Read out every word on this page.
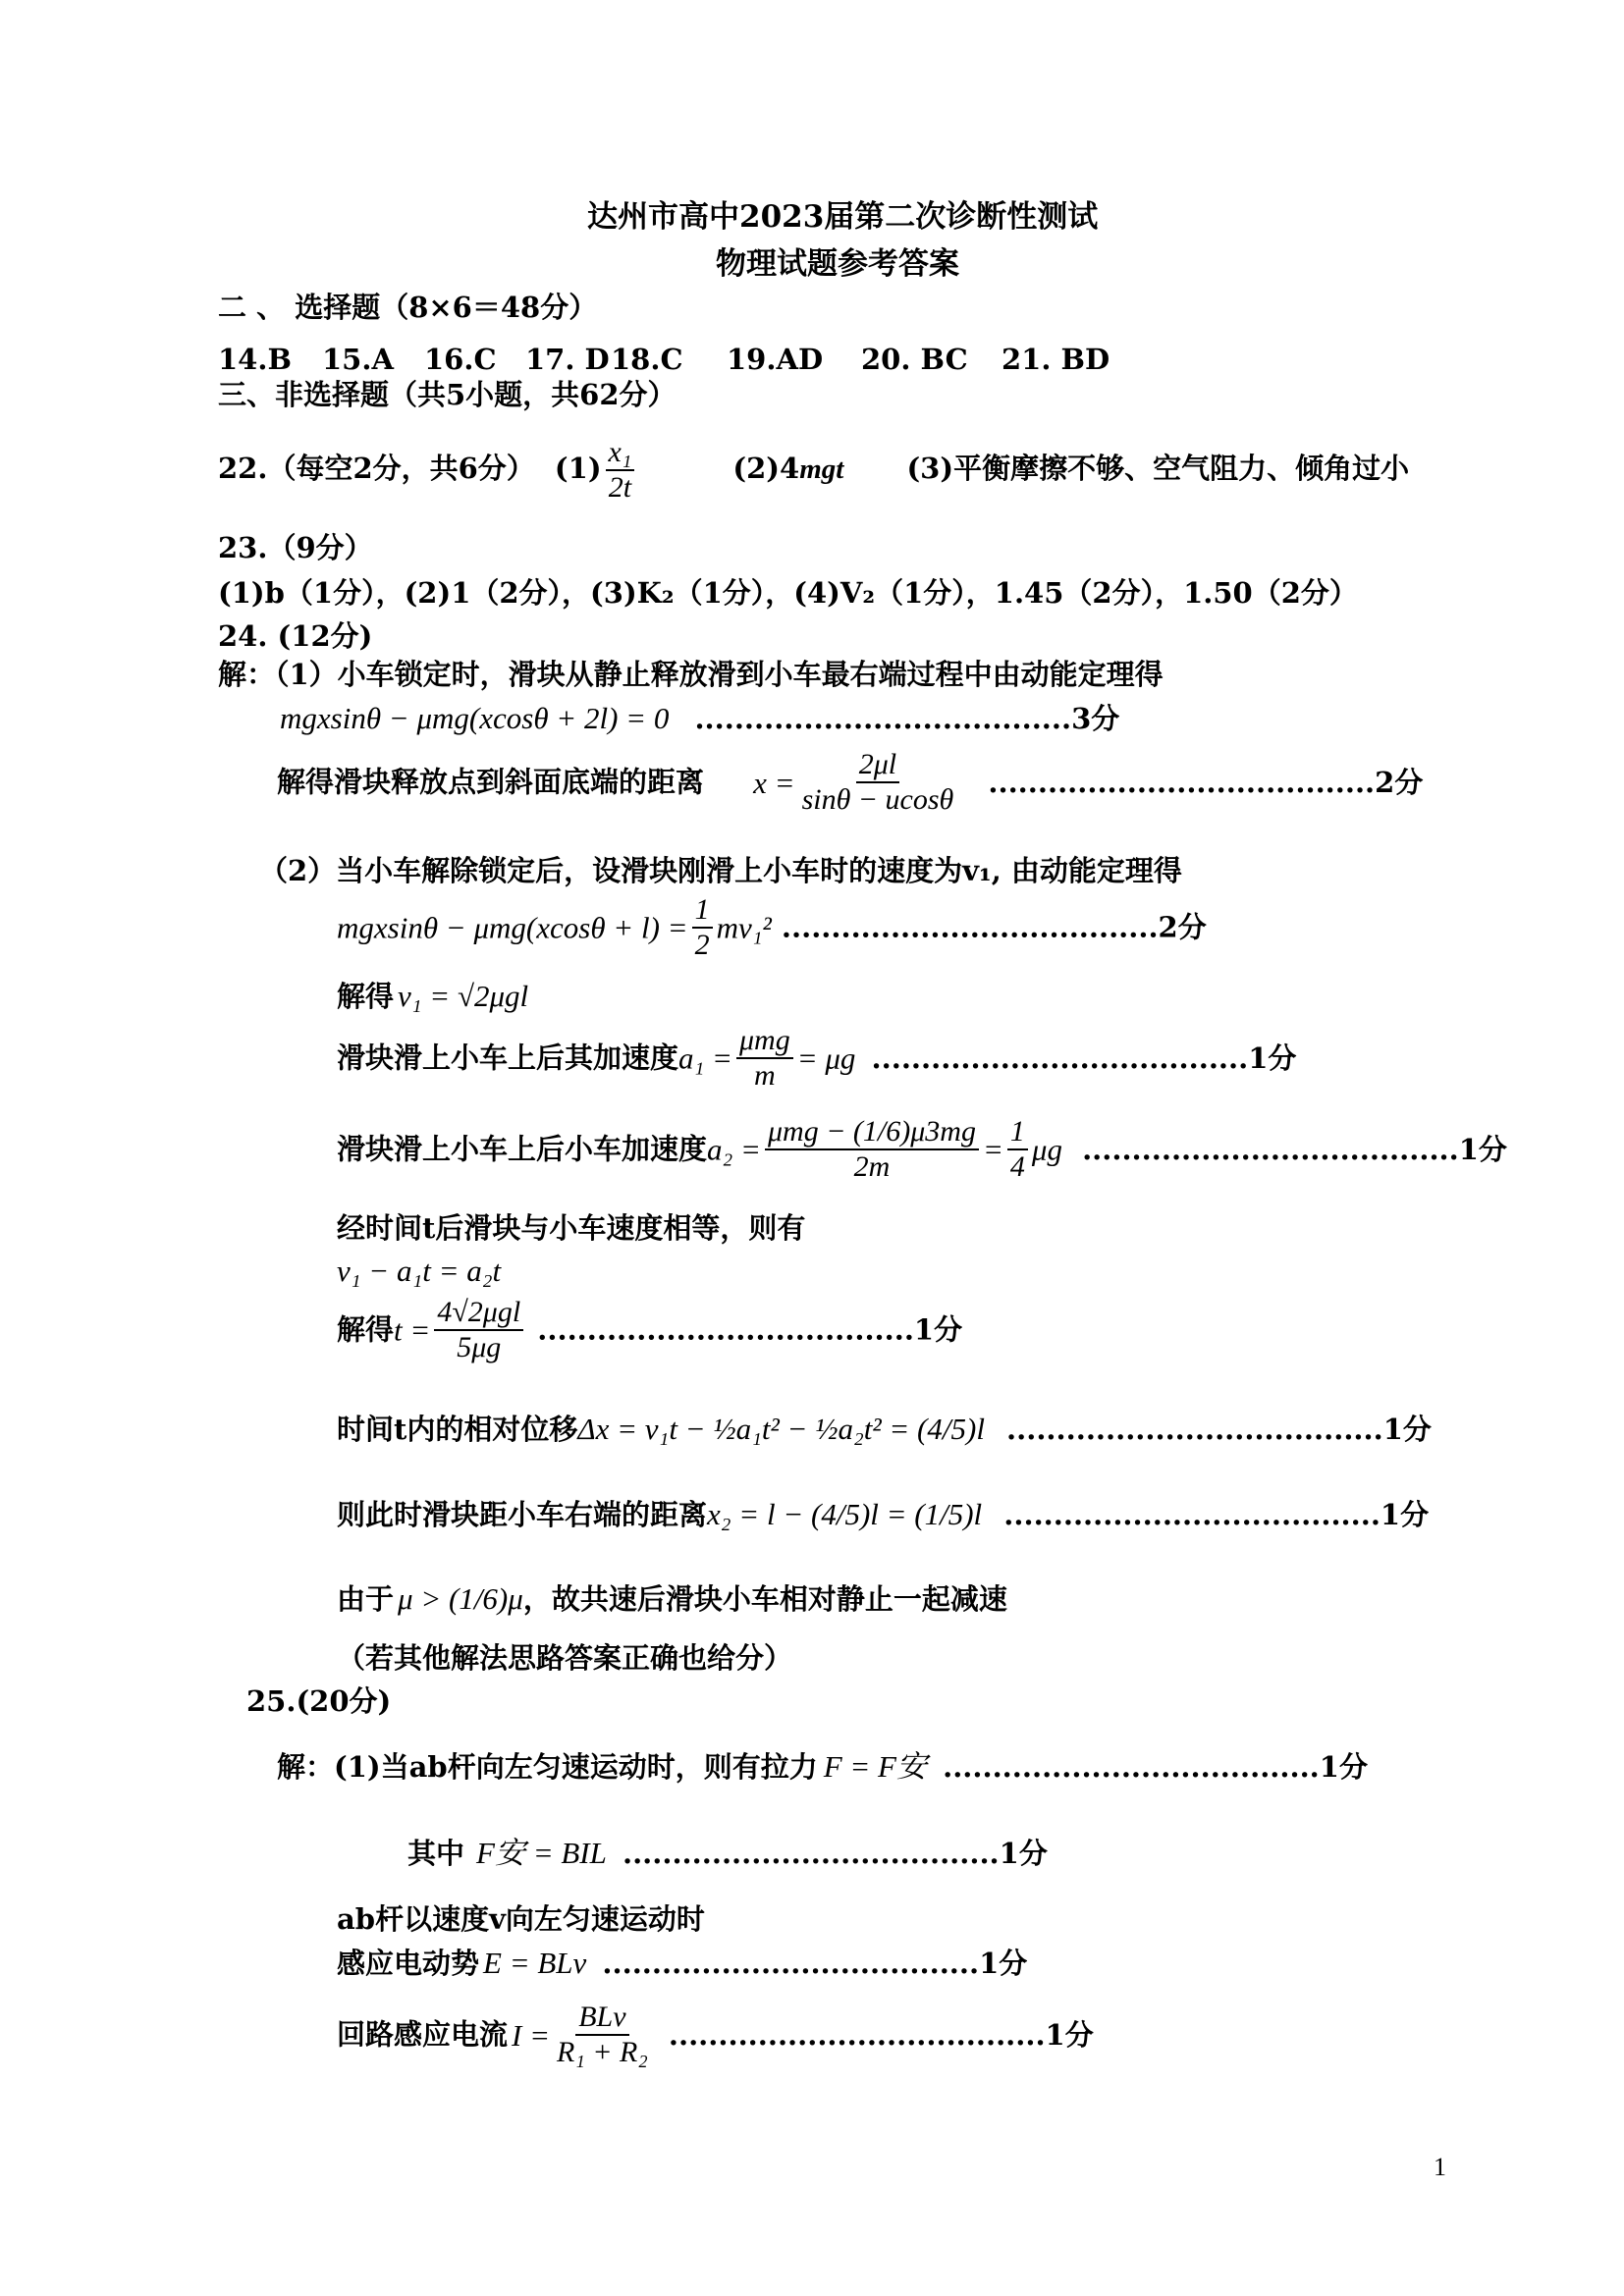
达州市高中2023届第二次诊断性测试
物理试题参考答案
二 、 选择题（8×6＝48分）
14.B 15.A 16.C 17. D 18.C 19.AD 20. BC 21. BD
三、非选择题（共5小题，共62分）
22.（每空2分，共6分） $(1) \frac{\text{x₁}}{2t}$	(2)4mgt (3)平衡摩擦不够、空气阻力、倾角过小
23.（9分）
(1)b（1分），(2)1（2分），(3)K₂（1分），(4)V₂（1分），1.45（2分），1.50（2分）
24. (12分)
解：（1）小车锁定时，滑块从静止释放滑到小车最右端过程中由动能定理得
mgxsinθ − μmg(xcosθ + 2l) = 0 ......................................3分
解得滑块释放点到斜面底端的距离 $x = \frac{2\mu l}{\sin\theta - ucos\theta} .......................................2$分
（2）当小车解除锁定后，设滑块刚滑上小车时的速度为v₁, 由动能定理得
$mgxsin\theta - \mu mg(xcos\theta + l) = \frac{1}{2} mv_1^2$ ......................................2分
解得 v₁ = √2μgl
滑块滑上小车上后其加速度$a_1 = \frac{\text{μmg}}{m} = \mu g$ ......................................1分
滑块滑上小车上后小车加速度$a_2 = \frac{\text{μmg − (1/6)μ3mg}}{2m} = \frac{1}{4}$ μg ......................................1分
经时间t后滑块与小车速度相等，则有
v₁ − a₁t = a₂t
解得$t = \frac{\text{4√2μgl}}{5\mu g} ......................................1$分
时间t内的相对位移Δx = v₁t − ½a₁t² − ½a₂t² = (4/5)l ......................................1分
则此时滑块距小车右端的距离x₂ = l − (4/5)l = (1/5)l ......................................1分
由于 μ > (1/6)μ，故共速后滑块小车相对静止一起减速
（若其他解法思路答案正确也给分）
25.(20分)
解：(1)当ab杆向左匀速运动时，则有拉力 F = F安 ......................................1分
其中 F安 = BIL ......................................1分
ab杆以速度v向左匀速运动时
感应电动势 E = BLv ......................................1分
回路感应电流 $I = \frac{\text{BLv}}{\text{R₁ + R₂}} ......................................1$分
1
